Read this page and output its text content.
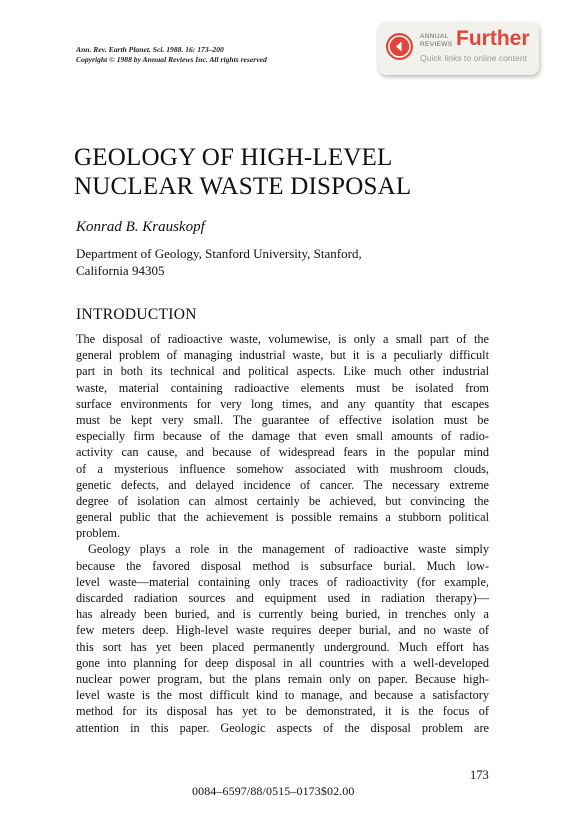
Ann. Rev. Earth Planet. Sci. 1988. 16: 173–200
Copyright © 1988 by Annual Reviews Inc. All rights reserved
ANNUAL
REVIEWS Further
Quick links to online content
GEOLOGY OF HIGH-LEVEL
NUCLEAR WASTE DISPOSAL
Konrad B. Krauskopf
Department of Geology, Stanford University, Stanford,
California 94305
INTRODUCTION
The disposal of radioactive waste, volumewise, is only a small part of the
general problem of managing industrial waste, but it is a peculiarly difficult
part in both its technical and political aspects. Like much other industrial
waste, material containing radioactive elements must be isolated from
surface environments for very long times, and any quantity that escapes
must be kept very small. The guarantee of effective isolation must be
especially firm because of the damage that even small amounts of radio-
activity can cause, and because of widespread fears in the popular mind
of a mysterious influence somehow associated with mushroom clouds,
genetic defects, and delayed incidence of cancer. The necessary extreme
degree of isolation can almost certainly be achieved, but convincing the
general public that the achievement is possible remains a stubborn political
problem.
Geology plays a role in the management of radioactive waste simply
because the favored disposal method is subsurface burial. Much low-
level waste—material containing only traces of radioactivity (for example,
discarded radiation sources and equipment used in radiation therapy)—
has already been buried, and is currently being buried, in trenches only a
few meters deep. High-level waste requires deeper burial, and no waste of
this sort has yet been placed permanently underground. Much effort has
gone into planning for deep disposal in all countries with a well-developed
nuclear power program, but the plans remain only on paper. Because high-
level waste is the most difficult kind to manage, and because a satisfactory
method for its disposal has yet to be demonstrated, it is the focus of
attention in this paper. Geologic aspects of the disposal problem are
173
0084–6597/88/0515–0173$02.00
